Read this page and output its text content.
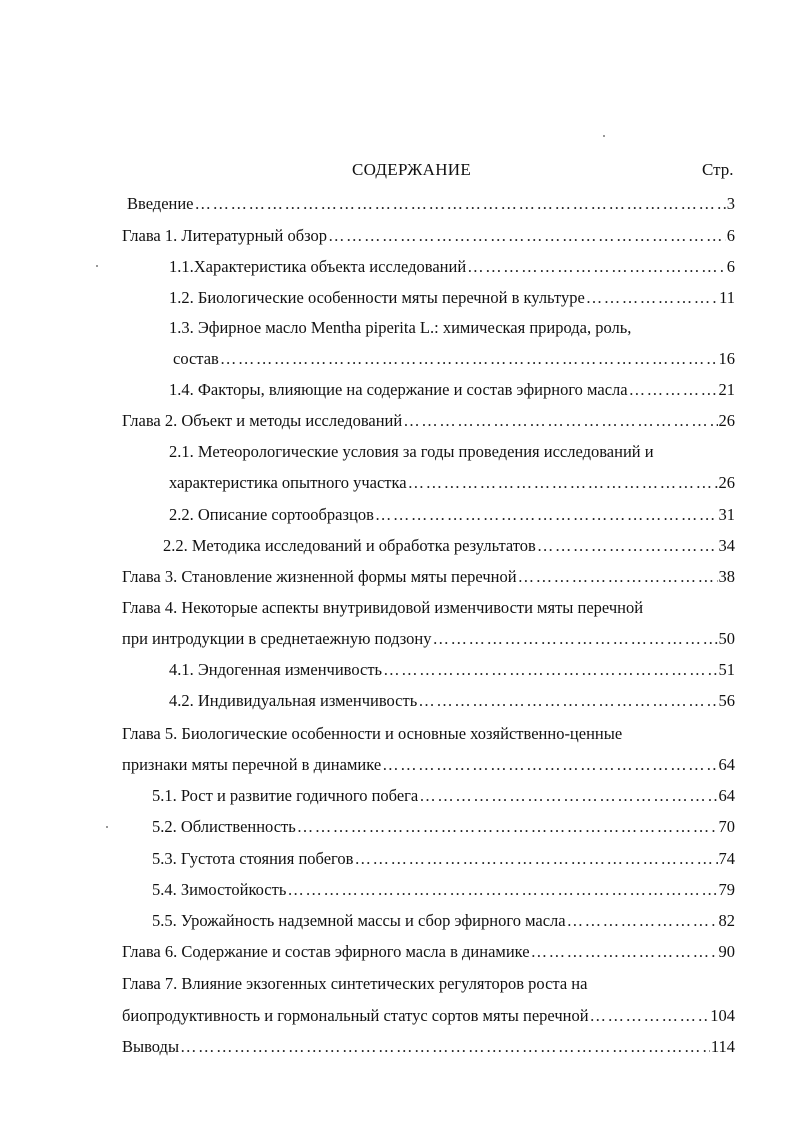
СОДЕРЖАНИЕ	Стр.
Введение ……………………………………………………………………………………………………………………………………………………………………	3
Глава 1. Литературный обзор ……………………………………………………………………………………………………………………………………………………………………	6
1.1.Характеристика объекта исследований ……………………………………………………………………………………………………………………………………………………………………	6
1.2. Биологические особенности мяты перечной в культуре ……………………………………………………………………………………………………………………………………………………………………	11
1.3. Эфирное масло Mentha piperita L.: химическая природа, роль,
состав ……………………………………………………………………………………………………………………………………………………………………	16
1.4. Факторы, влияющие на содержание и состав эфирного масла ……………………………………………………………………………………………………………………………………………………………………	21
Глава 2. Объект и методы исследований ……………………………………………………………………………………………………………………………………………………………………	26
2.1. Метеорологические условия за годы проведения исследований и
характеристика опытного участка ……………………………………………………………………………………………………………………………………………………………………	26
2.2. Описание сортообразцов ……………………………………………………………………………………………………………………………………………………………………	31
2.2. Методика исследований и обработка результатов ……………………………………………………………………………………………………………………………………………………………………	34
Глава 3. Становление жизненной формы мяты перечной ……………………………………………………………………………………………………………………………………………………………………	38
Глава 4. Некоторые аспекты внутривидовой изменчивости мяты перечной
при интродукции в среднетаежную подзону ……………………………………………………………………………………………………………………………………………………………………	50
4.1. Эндогенная изменчивость ……………………………………………………………………………………………………………………………………………………………………	51
4.2. Индивидуальная изменчивость ……………………………………………………………………………………………………………………………………………………………………	56
Глава 5. Биологические особенности и основные хозяйственно-ценные
признаки мяты перечной в динамике ……………………………………………………………………………………………………………………………………………………………………	64
5.1. Рост и развитие годичного побега ……………………………………………………………………………………………………………………………………………………………………	64
5.2. Облиственность ……………………………………………………………………………………………………………………………………………………………………	70
5.3. Густота стояния побегов ……………………………………………………………………………………………………………………………………………………………………	74
5.4. Зимостойкость ……………………………………………………………………………………………………………………………………………………………………	79
5.5. Урожайность надземной массы и сбор эфирного масла ……………………………………………………………………………………………………………………………………………………………………	82
Глава 6. Содержание и состав эфирного масла в динамике ……………………………………………………………………………………………………………………………………………………………………	90
Глава 7. Влияние экзогенных синтетических регуляторов роста на
биопродуктивность и гормональный статус сортов мяты перечной ……………………………………………………………………………………………………………………………………………………………………	104
Выводы ……………………………………………………………………………………………………………………………………………………………………	114
